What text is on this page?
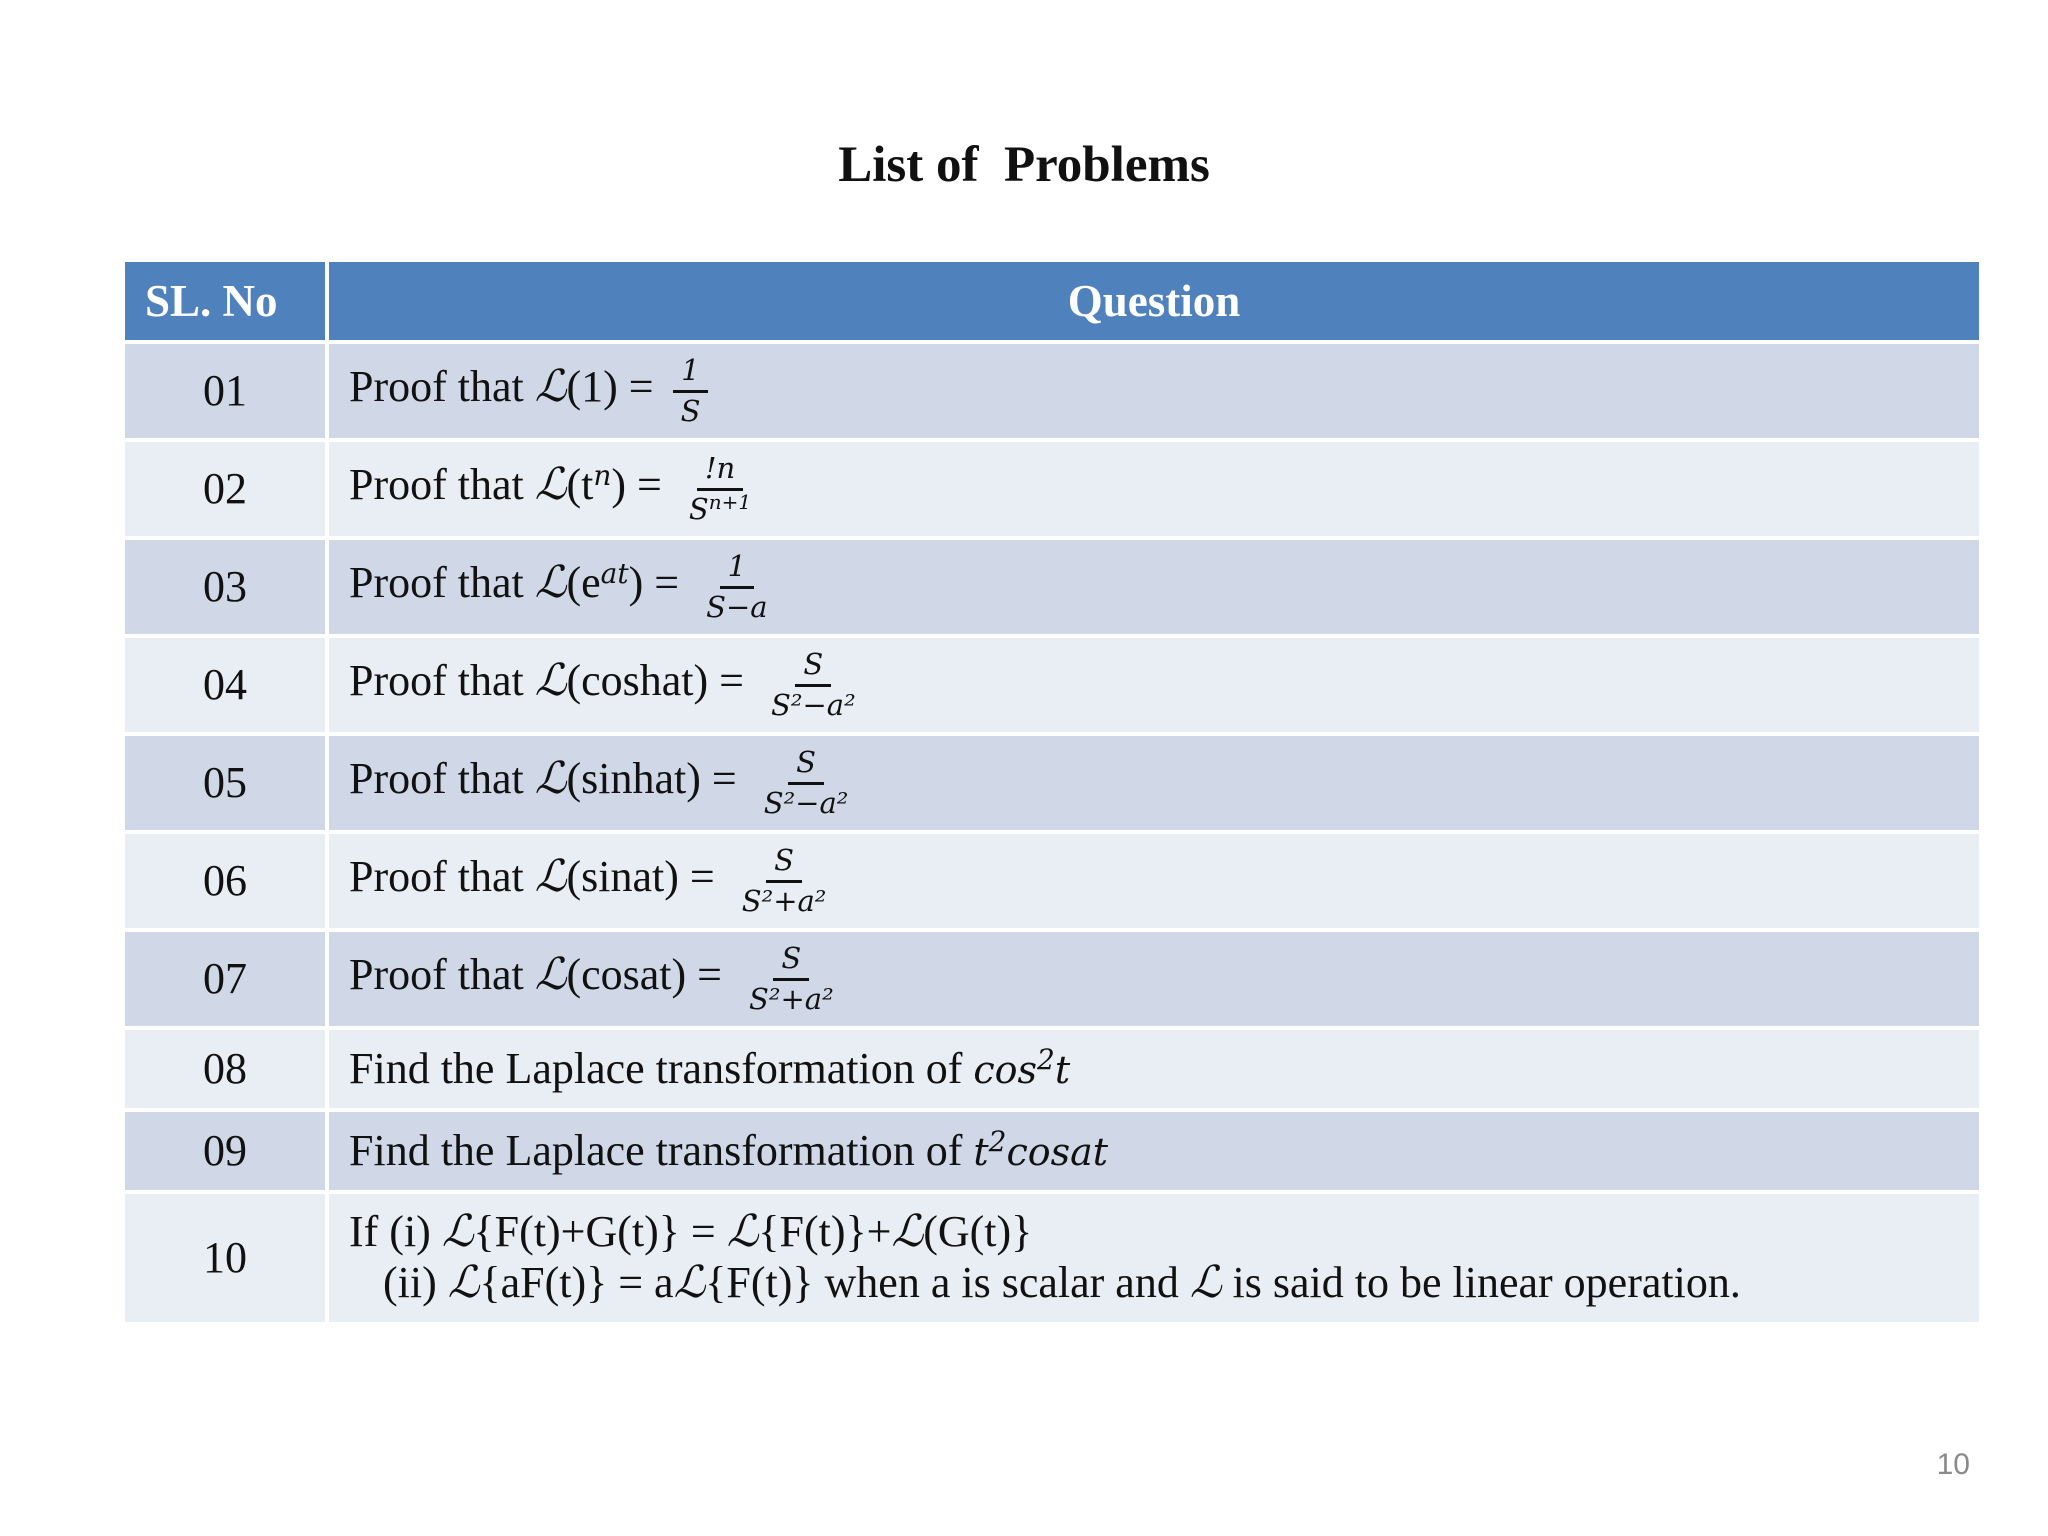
List of  Problems
SL. No	Question
01	Proof that ℒ(1) = $\frac{1}{S}$

02	Proof that $ℒ(t^n) = \frac{!n}{S^{n+1}}$

03	Proof that $ℒ(e^{at}) = \frac{1}{S-a}$

04	Proof that ℒ(coshat) = $\frac{S}{\text{S²−a²}}$

05	Proof that ℒ(sinhat) = $\frac{S}{\text{S²−a²}}$

06	Proof that ℒ(sinat) = $\frac{S}{\text{S²+a²}}$

07	Proof that ℒ(cosat) = $\frac{S}{\text{S²+a²}}$

08	Find the Laplace transformation of $\cos^2t$
09	Find the Laplace transformation of $t^2cosat$
10	If (i) ℒ{F(t)+G(t)} = ℒ{F(t)}+ℒ(G(t)}
(ii) ℒ{aF(t)} = aℒ{F(t)} when a is scalar and ℒ is said to be linear operation.
10
